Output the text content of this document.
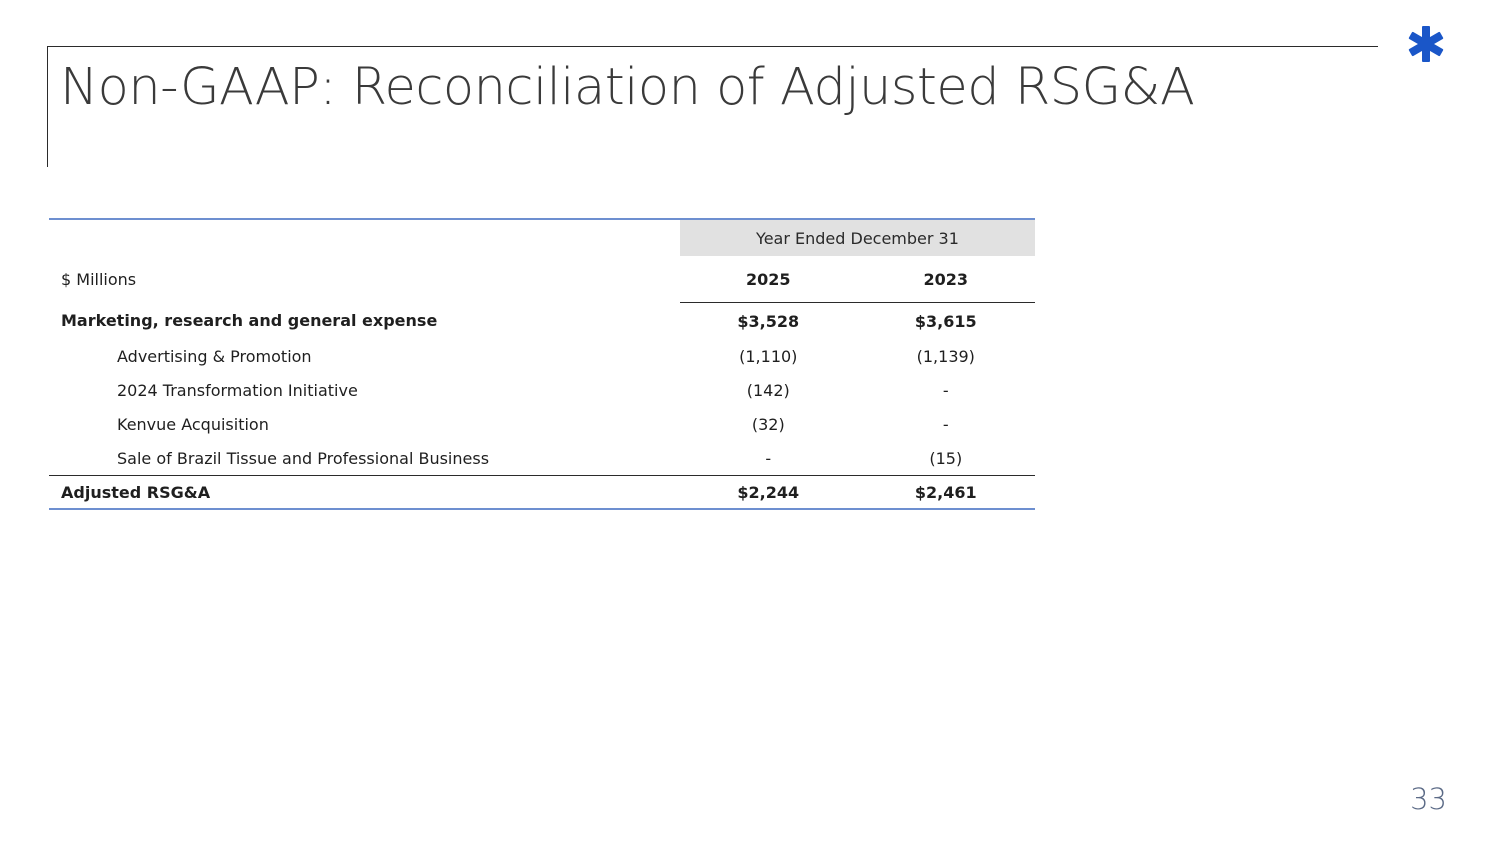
Non-GAAP: Reconciliation of Adjusted RSG&A
	Year Ended December 31	
$ Millions	2025	2023
Marketing, research and general expense	$3,528	$3,615
Advertising & Promotion	(1,110)	(1,139)
2024 Transformation Initiative	(142)	-
Kenvue Acquisition	(32)	-
Sale of Brazil Tissue and Professional Business	-	(15)
Adjusted RSG&A	$2,244	$2,461
33
